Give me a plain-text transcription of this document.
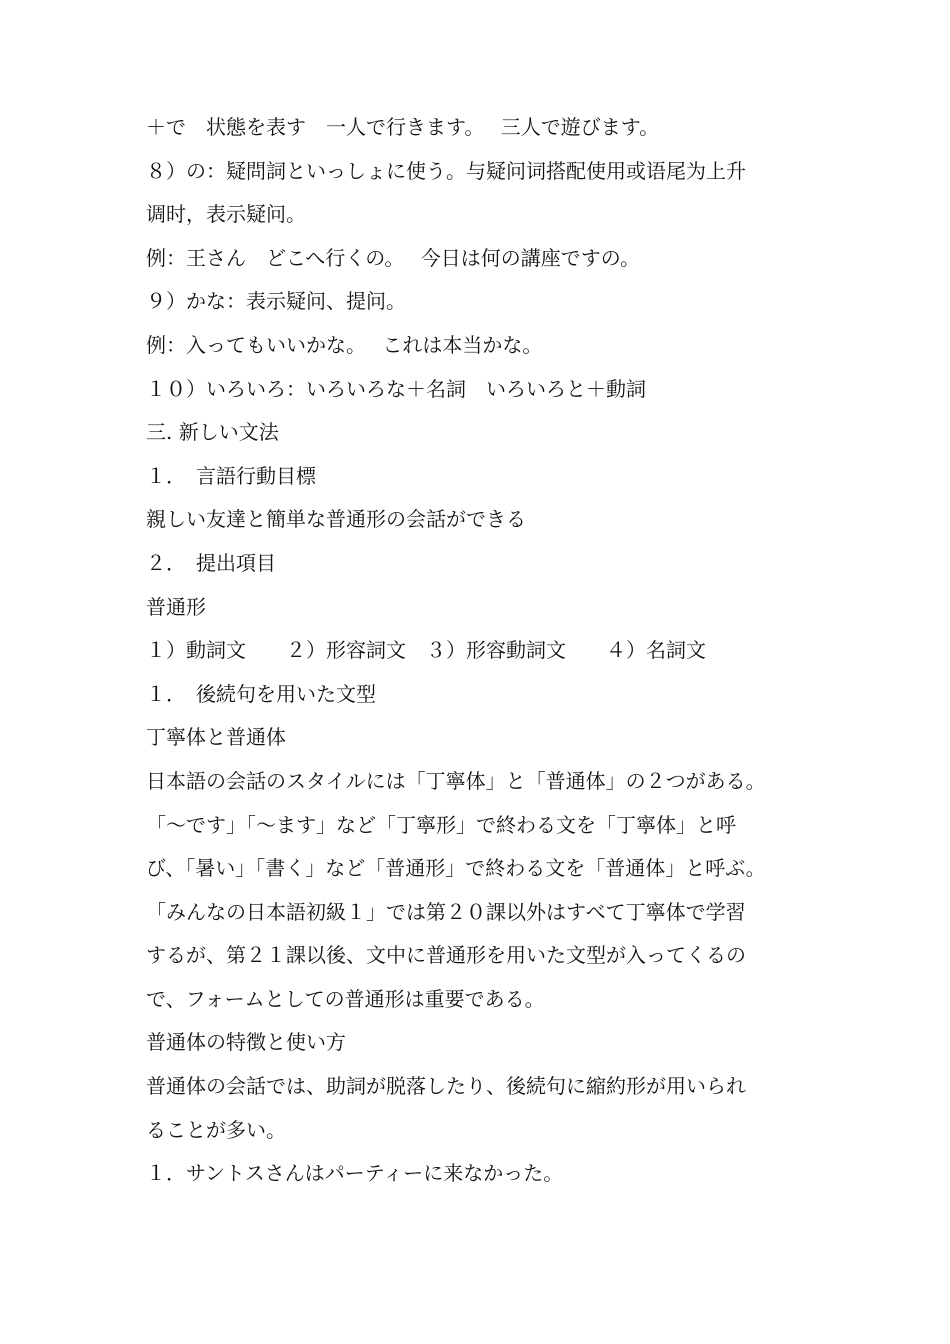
＋で　状態を表す　一人で行きます。　 三人で遊びます。
８）の：疑問詞といっしょに使う。与疑问词搭配使用或语尾为上升
调时，表示疑问。
例：王さん　どこへ行くの。　 今日は何の講座ですの。
９）かな：表示疑问、提问。
例：入ってもいいかな。　 これは本当かな。
１０）いろいろ：いろいろな＋名詞　いろいろと＋動詞
三. 新しい文法
１．　言語行動目標
親しい友達と簡単な普通形の会話ができる
２．　提出項目
普通形
１）動詞文　　２）形容詞文　３）形容動詞文　　４）名詞文
１．　後続句を用いた文型
丁寧体と普通体
日本語の会話のスタイルには「丁寧体」と「普通体」の２つがある。
「～です」「～ます」など「丁寧形」で終わる文を「丁寧体」と呼
び、「暑い」「書く」など「普通形」で終わる文を「普通体」と呼ぶ。
「みんなの日本語初級１」では第２０課以外はすべて丁寧体で学習
するが、第２１課以後、文中に普通形を用いた文型が入ってくるの
で、フォームとしての普通形は重要である。
普通体の特徴と使い方
普通体の会話では、助詞が脱落したり、後続句に縮約形が用いられ
ることが多い。
１．サントスさんはパーティーに来なかった。
